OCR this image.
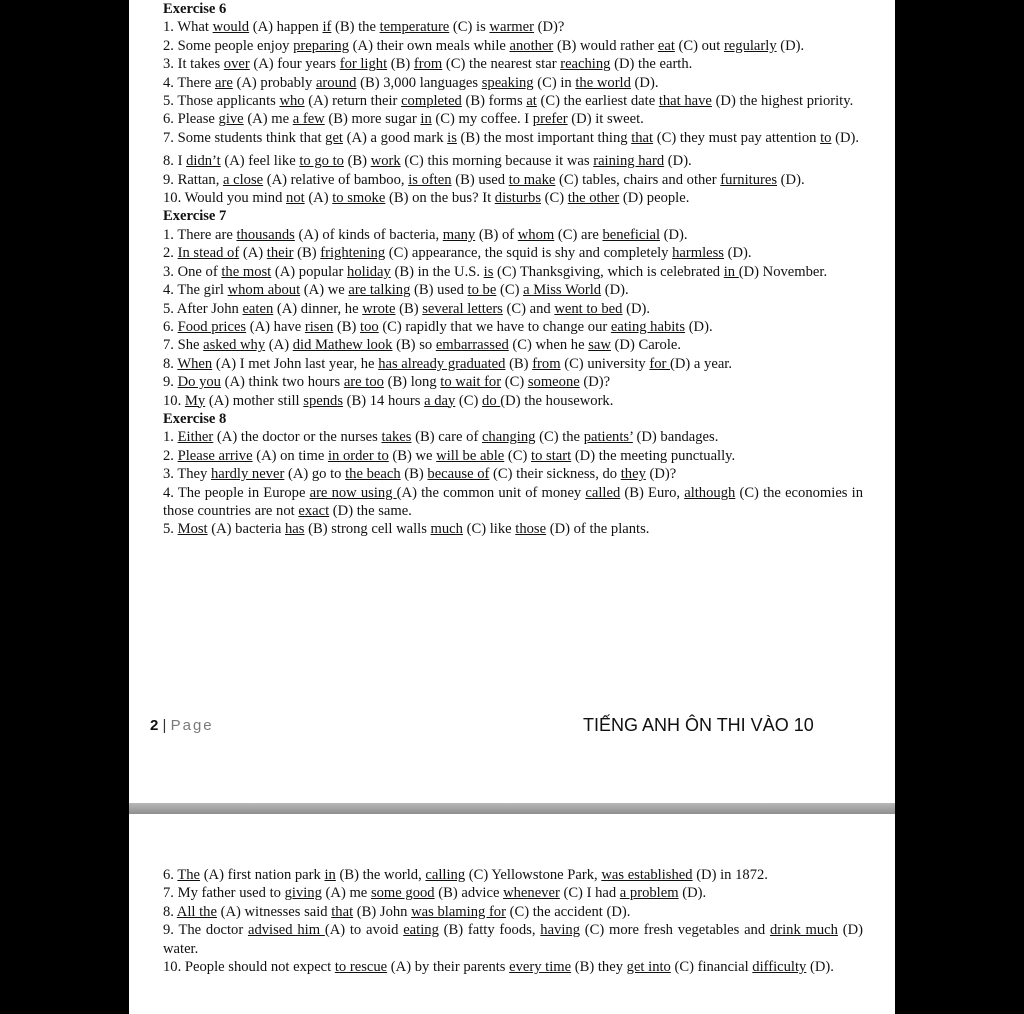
Exercise 6
1. What would (A) happen if (B) the temperature (C) is warmer (D)?
2. Some people enjoy preparing (A) their own meals while another (B) would rather eat (C) out regularly (D).
3. It takes over (A) four years for light (B) from (C) the nearest star reaching (D) the earth.
4. There are (A) probably around (B) 3,000 languages speaking (C) in the world (D).
5. Those applicants who (A) return their completed (B) forms at (C) the earliest date that have (D) the highest priority.
6. Please give (A) me a few (B) more sugar in (C) my coffee. I prefer (D) it sweet.
7. Some students think that get (A) a good mark is (B) the most important thing that (C) they must pay attention to (D).
8. I didn’t (A) feel like to go to (B) work (C) this morning because it was raining hard (D).
9. Rattan, a close (A) relative of bamboo, is often (B) used to make (C) tables, chairs and other furnitures (D).
10. Would you mind not (A) to smoke (B) on the bus? It disturbs (C) the other (D) people.
Exercise 7
1. There are thousands (A) of kinds of bacteria, many (B) of whom (C) are beneficial (D).
2. In stead of (A) their (B) frightening (C) appearance, the squid is shy and completely harmless (D).
3. One of the most (A) popular holiday (B) in the U.S. is (C) Thanksgiving, which is celebrated in (D) November.
4. The girl whom about (A) we are talking (B) used to be (C) a Miss World (D).
5. After John eaten (A) dinner, he wrote (B) several letters (C) and went to bed (D).
6. Food prices (A) have risen (B) too (C) rapidly that we have to change our eating habits (D).
7. She asked why (A) did Mathew look (B) so embarrassed (C) when he saw (D) Carole.
8. When (A) I met John last year, he has already graduated (B) from (C) university for (D) a year.
9. Do you (A) think two hours are too (B) long to wait for (C) someone (D)?
10. My (A) mother still spends (B) 14 hours a day (C) do (D) the housework.
Exercise 8
1. Either (A) the doctor or the nurses takes (B) care of changing (C) the patients’ (D) bandages.
2. Please arrive (A) on time in order to (B) we will be able (C) to start (D) the meeting punctually.
3. They hardly never (A) go to the beach (B) because of (C) their sickness, do they (D)?
4. The people in Europe are now using (A) the common unit of money called (B) Euro, although (C) the economies in those countries are not exact (D) the same.
5. Most (A) bacteria has (B) strong cell walls much (C) like those (D) of the plants.
2 | Page	TIẾNG ANH ÔN THI VÀO 10
6. The (A) first nation park in (B) the world, calling (C) Yellowstone Park, was established (D) in 1872.
7. My father used to giving (A) me some good (B) advice whenever (C) I had a problem (D).
8. All the (A) witnesses said that (B) John was blaming for (C) the accident (D).
9. The doctor advised him (A) to avoid eating (B) fatty foods, having (C) more fresh vegetables and drink much (D) water.
10. People should not expect to rescue (A) by their parents every time (B) they get into (C) financial difficulty (D).
